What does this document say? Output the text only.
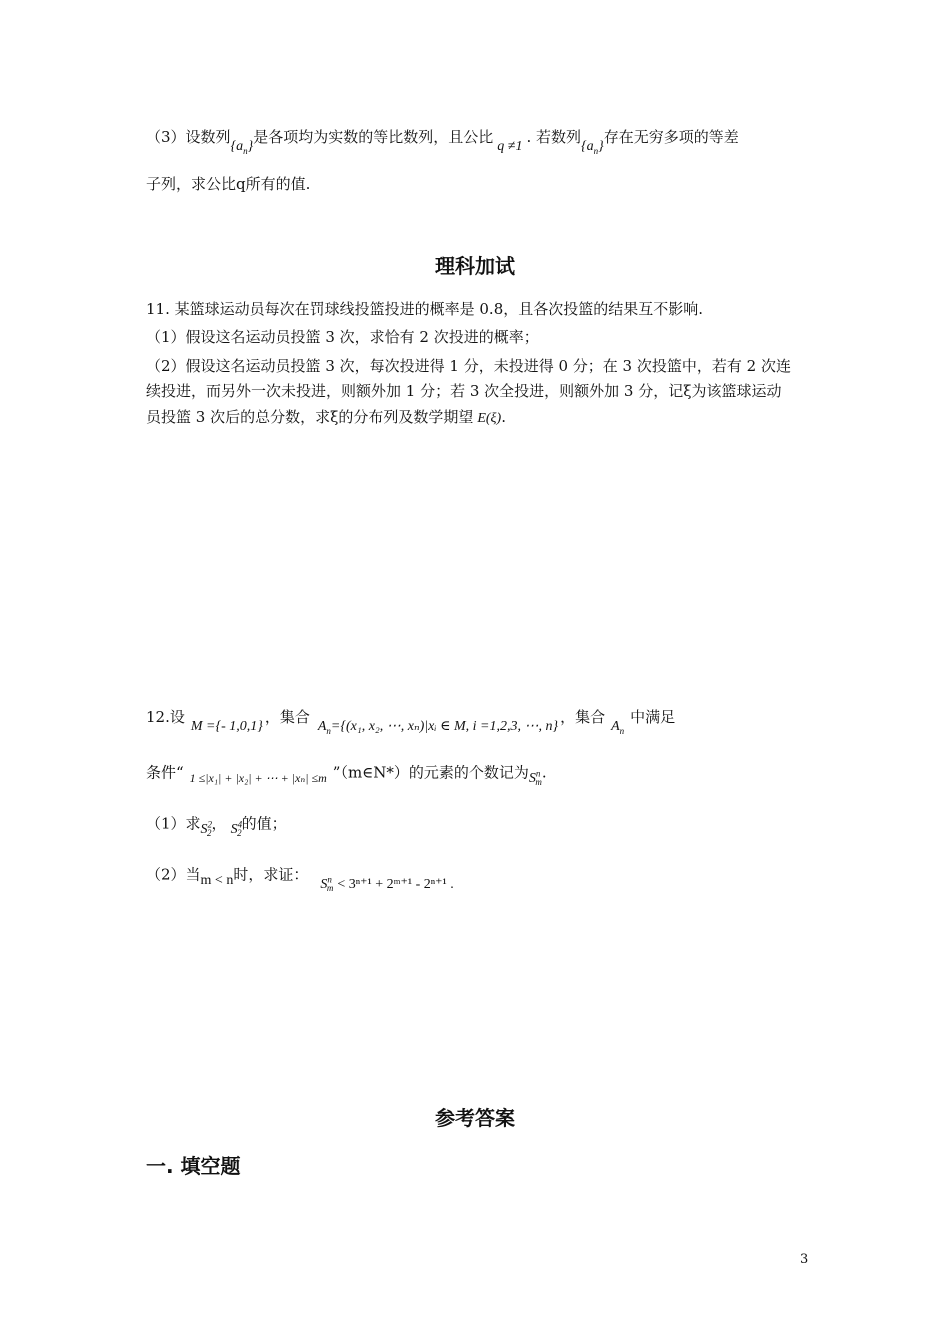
（3）设数列$\{a_n\}$是各项均为实数的等比数列，且公比q ≠1. 若数列$\{a_n\}$存在无穷多项的等差
子列，求公比q所有的值.
理科加试
11. 某篮球运动员每次在罚球线投篮投进的概率是 0.8，且各次投篮的结果互不影响.
（1）假设这名运动员投篮 3 次，求恰有 2 次投进的概率；
（2）假设这名运动员投篮 3 次，每次投进得 1 分，未投进得 0 分；在 3 次投篮中，若有 2 次连
续投进，而另外一次未投进，则额外加 1 分；若 3 次全投进，则额外加 3 分，记ξ为该篮球运动
员投篮 3 次后的总分数，求ξ的分布列及数学期望 E(ξ).
12.设M ={- 1,0,1}，集合$A_n=\{(x_1$, x₂, ⋯, xₙ)|xᵢ ∈ M, i =1,2,3, ⋯, n}，集合$A_n$中满足
条件“ $_{1 \le|x_1| + |x_2| + \cdots + |x_n| \le m}$ ”（m∈N*）的元素的个数记为$S^n_m$.
（1）求$S^2_2$， $S^4_2$的值；
（2）当m < n时，求证：$S^n_m < 3^{n+1}$ + 2ᵐ⁺¹ - 2ⁿ⁺¹ .
参考答案
一. 填空题
3
